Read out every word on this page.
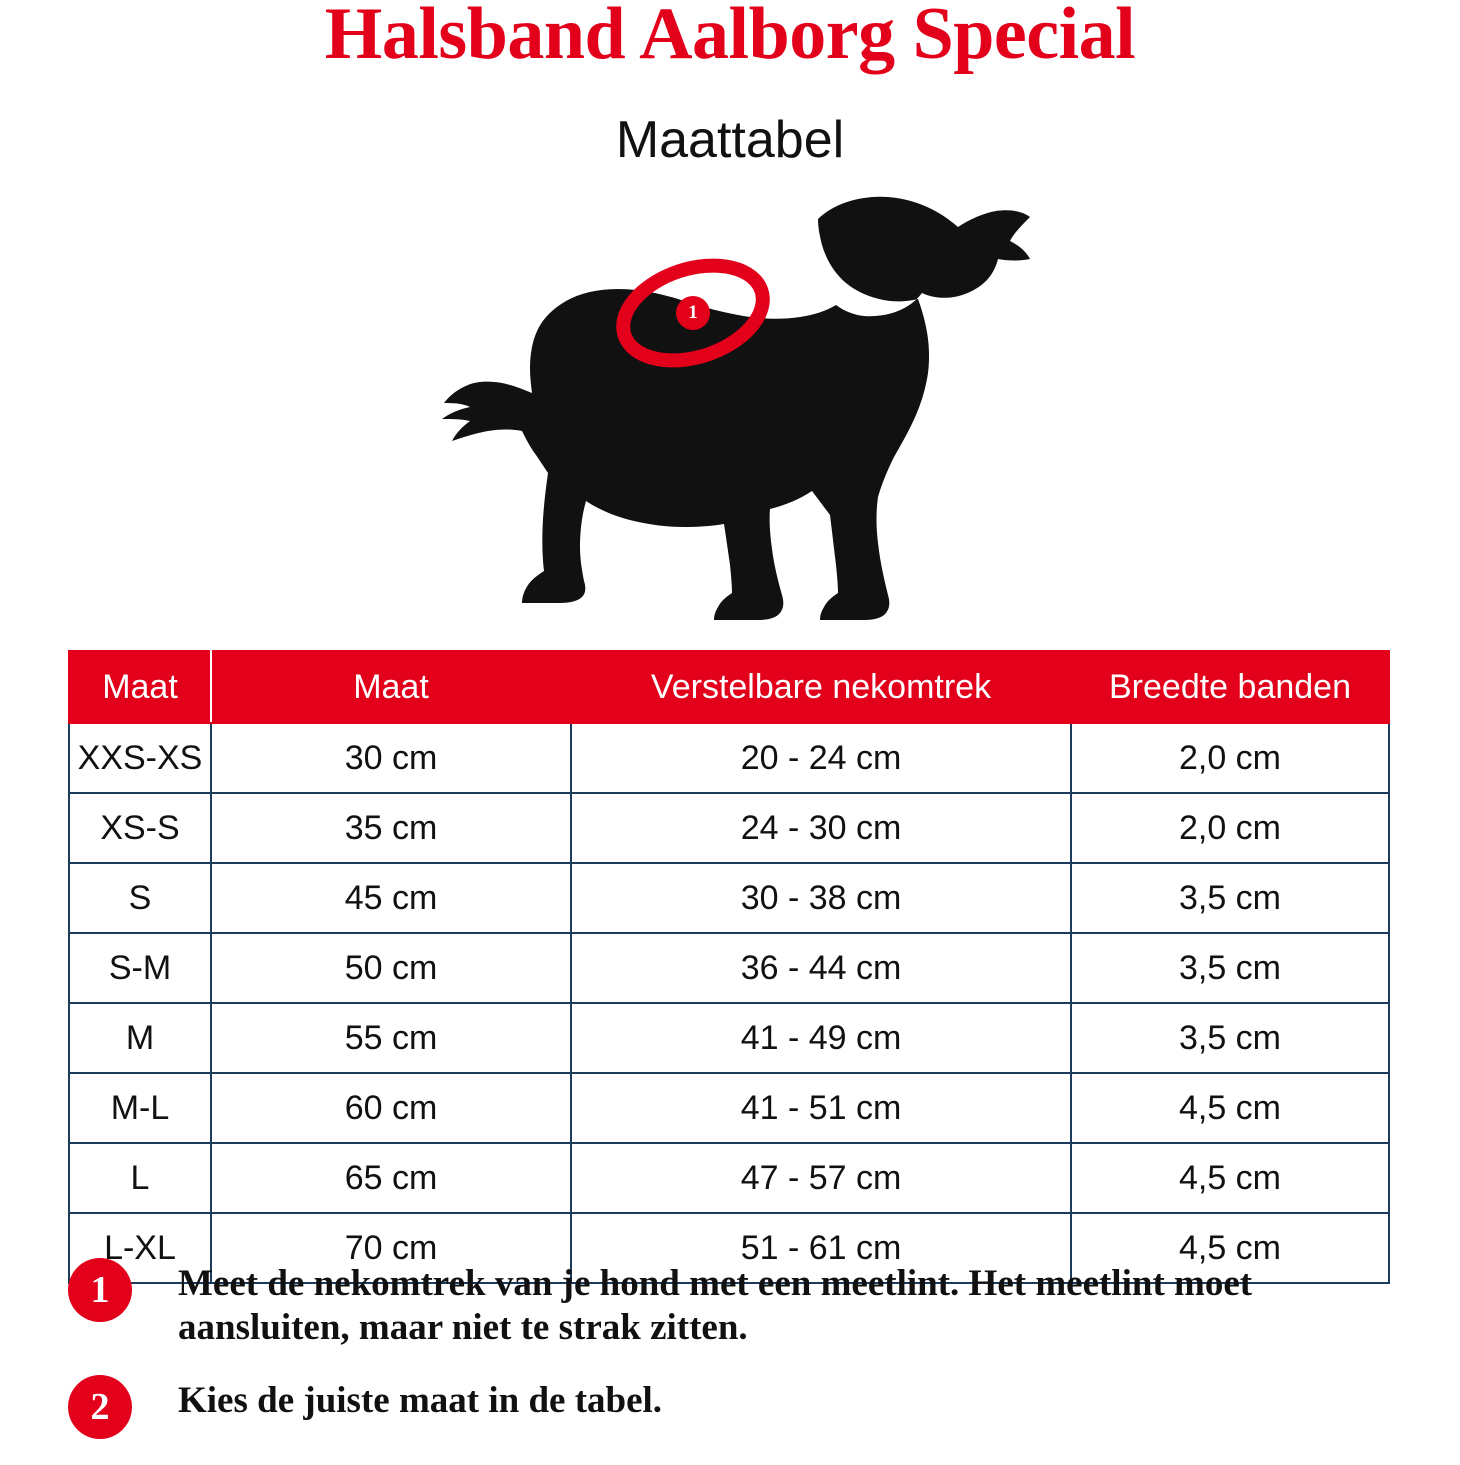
Halsband Aalborg Special
Maattabel
1
Maat	Maat	Verstelbare nekomtrek	Breedte banden
XXS-XS	30 cm	20 - 24 cm	2,0 cm
XS-S	35 cm	24 - 30 cm	2,0 cm
S	45 cm	30 - 38 cm	3,5 cm
S-M	50 cm	36 - 44 cm	3,5 cm
M	55 cm	41 - 49 cm	3,5 cm
M-L	60 cm	41 - 51 cm	4,5 cm
L	65 cm	47 - 57 cm	4,5 cm
L-XL	70 cm	51 - 61 cm	4,5 cm
1	Meet de nekomtrek van je hond met een meetlint. Het meetlint moet aansluiten, maar niet te strak zitten.
2	Kies de juiste maat in de tabel.
